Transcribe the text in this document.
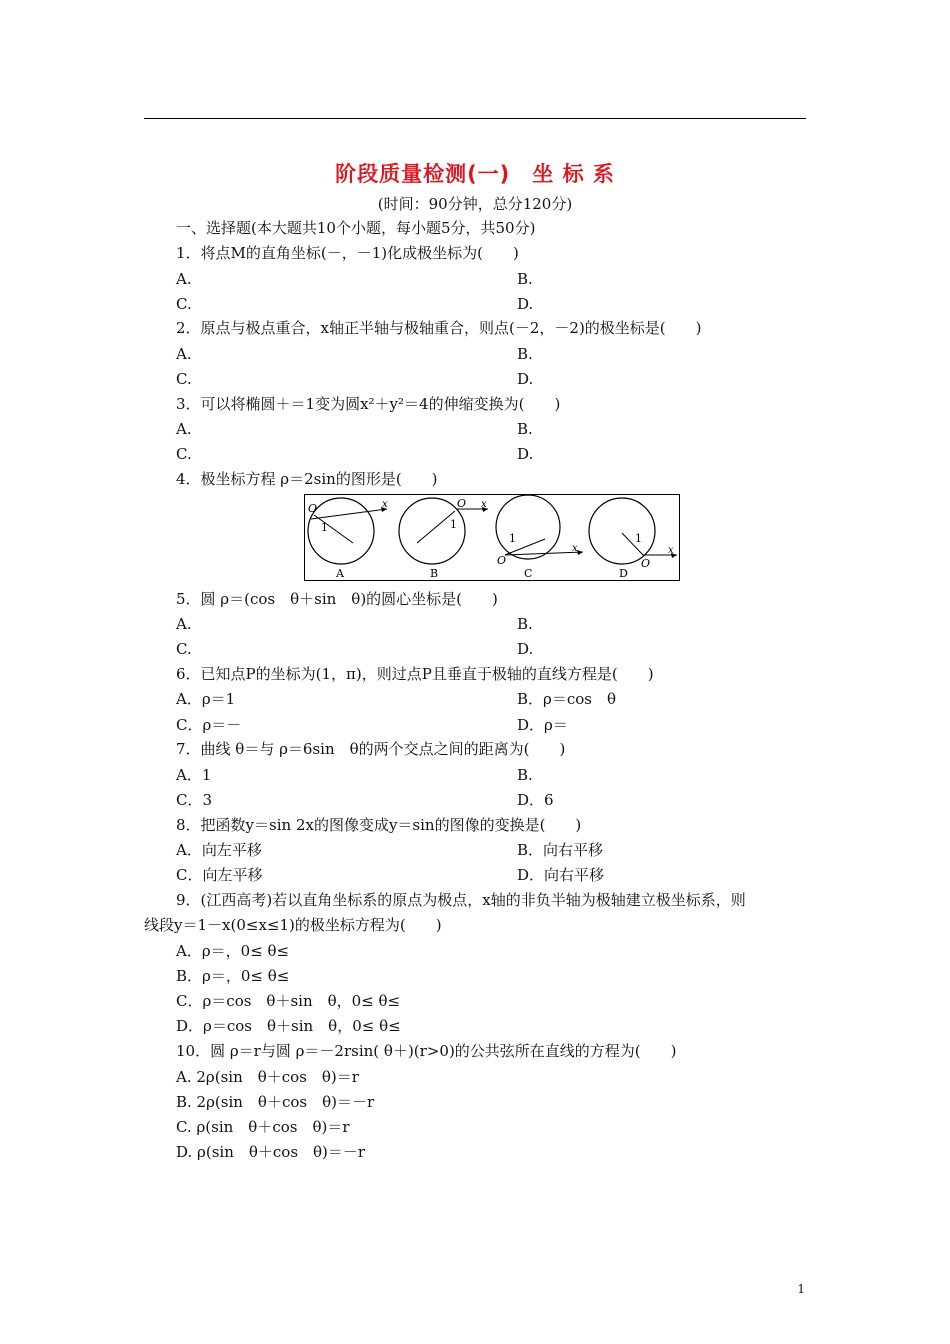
阶段质量检测(一)　坐 标 系
(时间：90分钟，总分120分)
一、选择题(本大题共10个小题，每小题5分，共50分)
1．将点M的直角坐标(－，－1)化成极坐标为(　　)
A.	B.
C.	D.
2．原点与极点重合，x轴正半轴与极轴重合，则点(－2，－2)的极坐标是(　　)
A.	B.
C.	D.
3．可以将椭圆＋＝1变为圆x²＋y²＝4的伸缩变换为(　　)
A.	B.
C.	D.
4．极坐标方程 ρ＝2sin的图形是(　　)
O	x
1
A
O x
1
B
O
x
1
C
O
x
1
D
5．圆 ρ＝(cos　θ＋sin　θ)的圆心坐标是(　　)
A.	B.
C.	D.
6．已知点P的坐标为(1，π)，则过点P且垂直于极轴的直线方程是(　　)
A．ρ＝1	B．ρ＝cos　θ
C．ρ＝－	D．ρ＝
7．曲线 θ＝与 ρ＝6sin　θ的两个交点之间的距离为(　　)
A．1	B.
C．3	D．6
8．把函数y＝sin 2x的图像变成y＝sin的图像的变换是(　　)
A．向左平移	B．向右平移
C．向左平移	D．向右平移
9．(江西高考)若以直角坐标系的原点为极点，x轴的非负半轴为极轴建立极坐标系，则
线段y＝1－x(0≤x≤1)的极坐标方程为(　　)
A．ρ＝，0≤ θ≤
B．ρ＝，0≤ θ≤
C．ρ＝cos　θ＋sin　θ，0≤ θ≤
D．ρ＝cos　θ＋sin　θ，0≤ θ≤
10．圆 ρ＝r与圆 ρ＝－2rsin( θ＋)(r>0)的公共弦所在直线的方程为(　　)
A. 2ρ(sin　θ＋cos　θ)＝r
B. 2ρ(sin　θ＋cos　θ)＝－r
C. ρ(sin　θ＋cos　θ)＝r
D. ρ(sin　θ＋cos　θ)＝－r
1
